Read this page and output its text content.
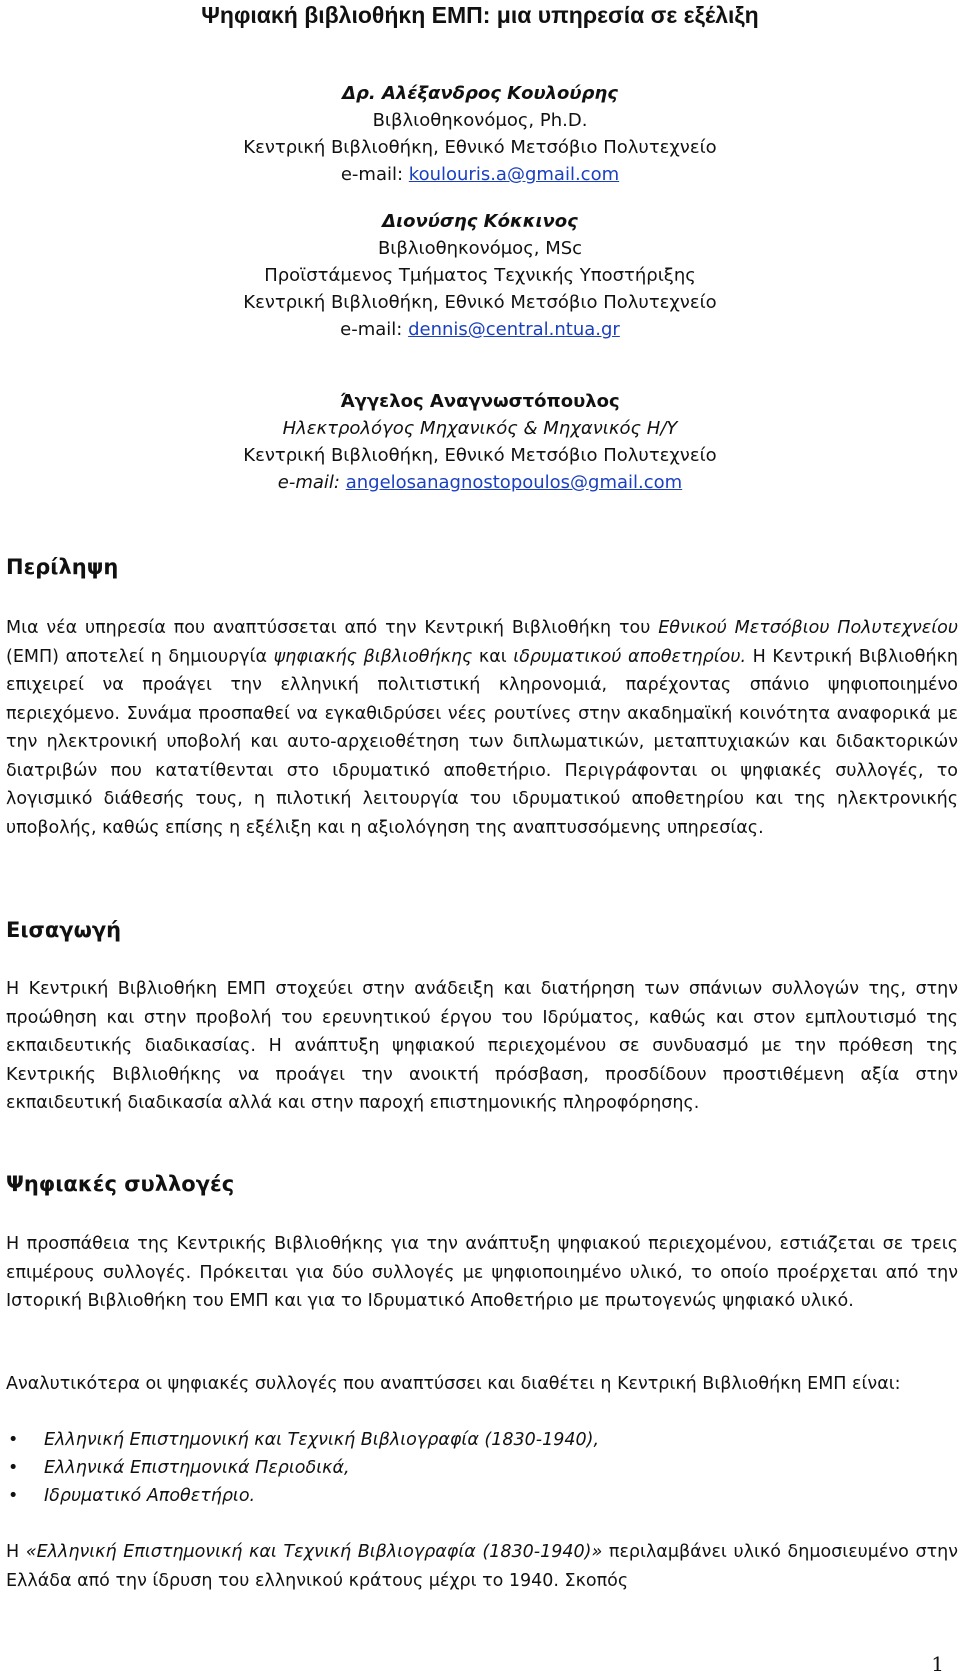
Ψηφιακή βιβλιοθήκη ΕΜΠ: μια υπηρεσία σε εξέλιξη
Δρ. Αλέξανδρος Κουλούρης
Βιβλιοθηκονόμος, Ph.D.
Κεντρική Βιβλιοθήκη, Εθνικό Μετσόβιο Πολυτεχνείο
e-mail: koulouris.a@gmail.com
Διονύσης Κόκκινος
Βιβλιοθηκονόμος, MSc
Προϊστάμενος Τμήματος Τεχνικής Υποστήριξης
Κεντρική Βιβλιοθήκη, Εθνικό Μετσόβιο Πολυτεχνείο
e-mail: dennis@central.ntua.gr
Άγγελος Αναγνωστόπουλος
Ηλεκτρολόγος Μηχανικός & Μηχανικός Η/Υ
Κεντρική Βιβλιοθήκη, Εθνικό Μετσόβιο Πολυτεχνείο
e-mail: angelosanagnostopoulos@gmail.com
Περίληψη
Μια νέα υπηρεσία που αναπτύσσεται από την Κεντρική Βιβλιοθήκη του Εθνικού Μετσόβιου Πολυτεχνείου (ΕΜΠ) αποτελεί η δημιουργία ψηφιακής βιβλιοθήκης και ιδρυματικού αποθετηρίου. Η Κεντρική Βιβλιοθήκη επιχειρεί να προάγει την ελληνική πολιτιστική κληρονομιά, παρέχοντας σπάνιο ψηφιοποιημένο περιεχόμενο. Συνάμα προσπαθεί να εγκαθιδρύσει νέες ρουτίνες στην ακαδημαϊκή κοινότητα αναφορικά με την ηλεκτρονική υποβολή και αυτο-αρχειοθέτηση των διπλωματικών, μεταπτυχιακών και διδακτορικών διατριβών που κατατίθενται στο ιδρυματικό αποθετήριο. Περιγράφονται οι ψηφιακές συλλογές, το λογισμικό διάθεσής τους, η πιλοτική λειτουργία του ιδρυματικού αποθετηρίου και της ηλεκτρονικής υποβολής, καθώς επίσης η εξέλιξη και η αξιολόγηση της αναπτυσσόμενης υπηρεσίας.
Εισαγωγή
Η Κεντρική Βιβλιοθήκη ΕΜΠ στοχεύει στην ανάδειξη και διατήρηση των σπάνιων συλλογών της, στην προώθηση και στην προβολή του ερευνητικού έργου του Ιδρύματος, καθώς και στον εμπλουτισμό της εκπαιδευτικής διαδικασίας. Η ανάπτυξη ψηφιακού περιεχομένου σε συνδυασμό με την πρόθεση της Κεντρικής Βιβλιοθήκης να προάγει την ανοικτή πρόσβαση, προσδίδουν προστιθέμενη αξία στην εκπαιδευτική διαδικασία αλλά και στην παροχή επιστημονικής πληροφόρησης.
Ψηφιακές συλλογές
Η προσπάθεια της Κεντρικής Βιβλιοθήκης για την ανάπτυξη ψηφιακού περιεχομένου, εστιάζεται σε τρεις επιμέρους συλλογές. Πρόκειται για δύο συλλογές με ψηφιοποιημένο υλικό, το οποίο προέρχεται από την Ιστορική Βιβλιοθήκη του ΕΜΠ και για το Ιδρυματικό Αποθετήριο με πρωτογενώς ψηφιακό υλικό.
Αναλυτικότερα οι ψηφιακές συλλογές που αναπτύσσει και διαθέτει η Κεντρική Βιβλιοθήκη ΕΜΠ είναι:
• Ελληνική Επιστημονική και Τεχνική Βιβλιογραφία (1830-1940),
• Ελληνικά Επιστημονικά Περιοδικά,
• Ιδρυματικό Αποθετήριο.
Η «Ελληνική Επιστημονική και Τεχνική Βιβλιογραφία (1830-1940)» περιλαμβάνει υλικό δημοσιευμένο στην Ελλάδα από την ίδρυση του ελληνικού κράτους μέχρι το 1940. Σκοπός
1
